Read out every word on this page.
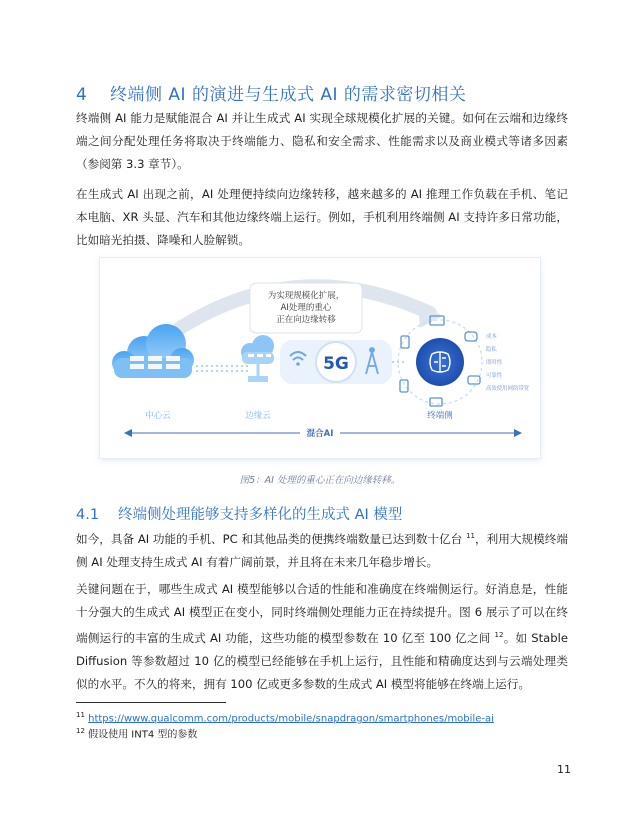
4 终端侧 AI 的演进与生成式 AI 的需求密切相关
终端侧 AI 能力是赋能混合 AI 并让生成式 AI 实现全球规模化扩展的关键。如何在云端和边缘终端之间分配处理任务将取决于终端能力、隐私和安全需求、性能需求以及商业模式等诸多因素（参阅第 3.3 章节）。
在生成式 AI 出现之前，AI 处理便持续向边缘转移，越来越多的 AI 推理工作负载在手机、笔记本电脑、XR 头显、汽车和其他边缘终端上运行。例如，手机利用终端侧 AI 支持许多日常功能，比如暗光拍摄、降噪和人脸解锁。
为实现规模化扩展，
AI处理的重心
正在向边缘转移
5G
成本
隐私
即时性
可靠性
高效使用网络带宽
中心云	边缘云	终端侧
混合AI
图5：AI 处理的重心正在向边缘转移。
4.1 终端侧处理能够支持多样化的生成式 AI 模型
如今，具备 AI 功能的手机、PC 和其他品类的便携终端数量已达到数十亿台 $^{11}$，利用大规模终端侧 AI 处理支持生成式 AI 有着广阔前景，并且将在未来几年稳步增长。
关键问题在于，哪些生成式 AI 模型能够以合适的性能和准确度在终端侧运行。好消息是，性能十分强大的生成式 AI 模型正在变小，同时终端侧处理能力正在持续提升。图 6 展示了可以在终端侧运行的丰富的生成式 AI 功能，这些功能的模型参数在 10 亿至 100 亿之间 $^{12}$。如 Stable Diffusion 等参数超过 10 亿的模型已经能够在手机上运行，且性能和精确度达到与云端处理类似的水平。不久的将来，拥有 100 亿或更多参数的生成式 AI 模型将能够在终端上运行。
$^{11}$ https://www.qualcomm.com/products/mobile/snapdragon/smartphones/mobile-ai
$^{12}$ 假设使用 INT4 型的参数
11
